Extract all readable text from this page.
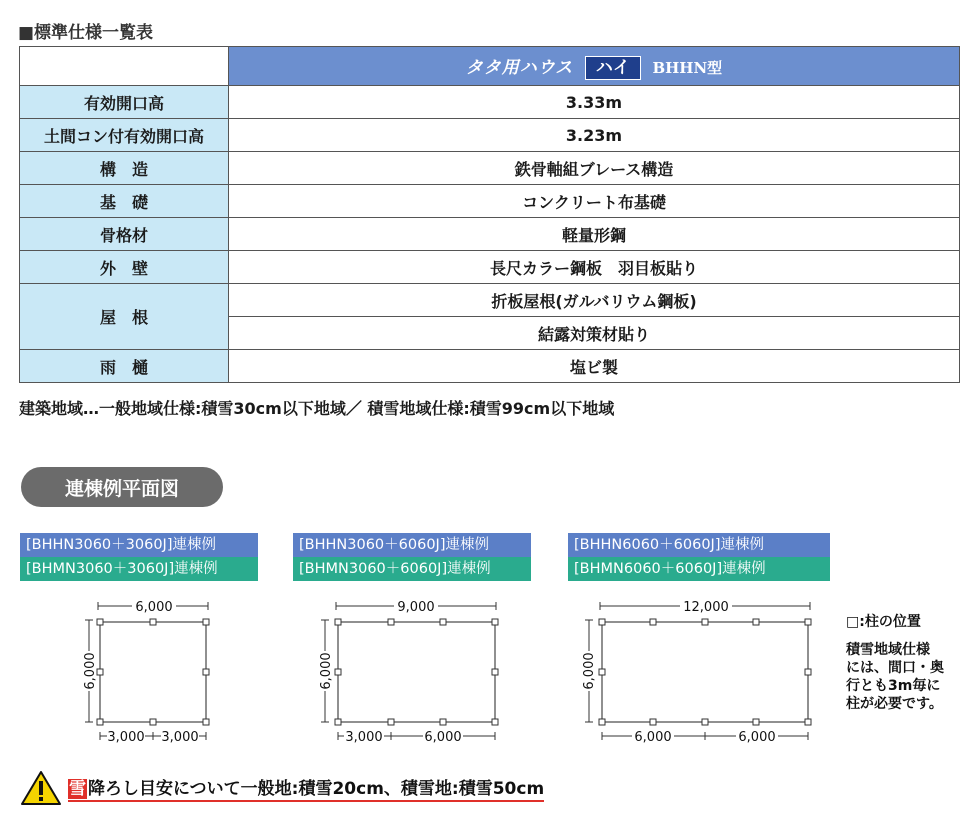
■標準仕様一覧表
	タタ用ハウス ハイ BHHN型
有効開口高	3.33m
土間コン付有効開口高	3.23m
構　造	鉄骨軸組ブレース構造
基　礎	コンクリート布基礎
骨格材	軽量形鋼
外　壁	長尺カラー鋼板　羽目板貼り
屋　根	折板屋根(ガルバリウム鋼板)
	結露対策材貼り
雨　樋	塩ビ製
建築地域…一般地域仕様:積雪30cm以下地域／ 積雪地域仕様:積雪99cm以下地域
連棟例平面図
[BHHN3060＋3060J]連棟例
[BHMN3060＋3060J]連棟例
[BHHN3060＋6060J]連棟例
[BHMN3060＋6060J]連棟例
[BHHN6060＋6060J]連棟例
[BHMN6060＋6060J]連棟例
6,000
6,000
3,000 3,000
9,000
6,000
3,000	6,000
12,000
6,000
6,000	6,000
□:柱の位置
積雪地域仕様
には、間口・奥
行とも3m毎に
柱が必要です。
雪 降ろし目安について一般地:積雪20cm、積雪地:積雪50cm
